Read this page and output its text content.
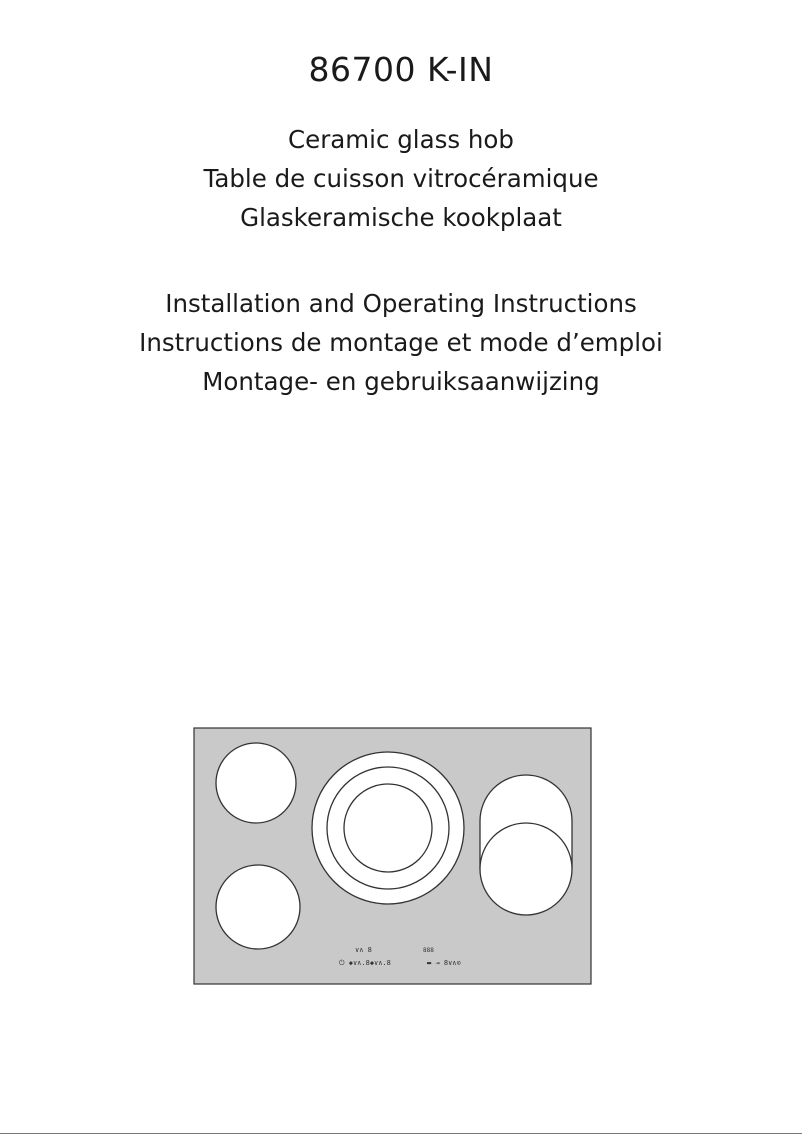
86700 K-IN
Ceramic glass hob
Table de cuisson vitrocéramique
Glaskeramische kookplaat
Installation and Operating Instructions
Instructions de montage et mode d’emploi
Montage- en gebruiksaanwijzing
∨∧ 8	888
⏻ ◆∨∧.8◆∨∧.8	▬ ⇥ 8∨∧⊙
